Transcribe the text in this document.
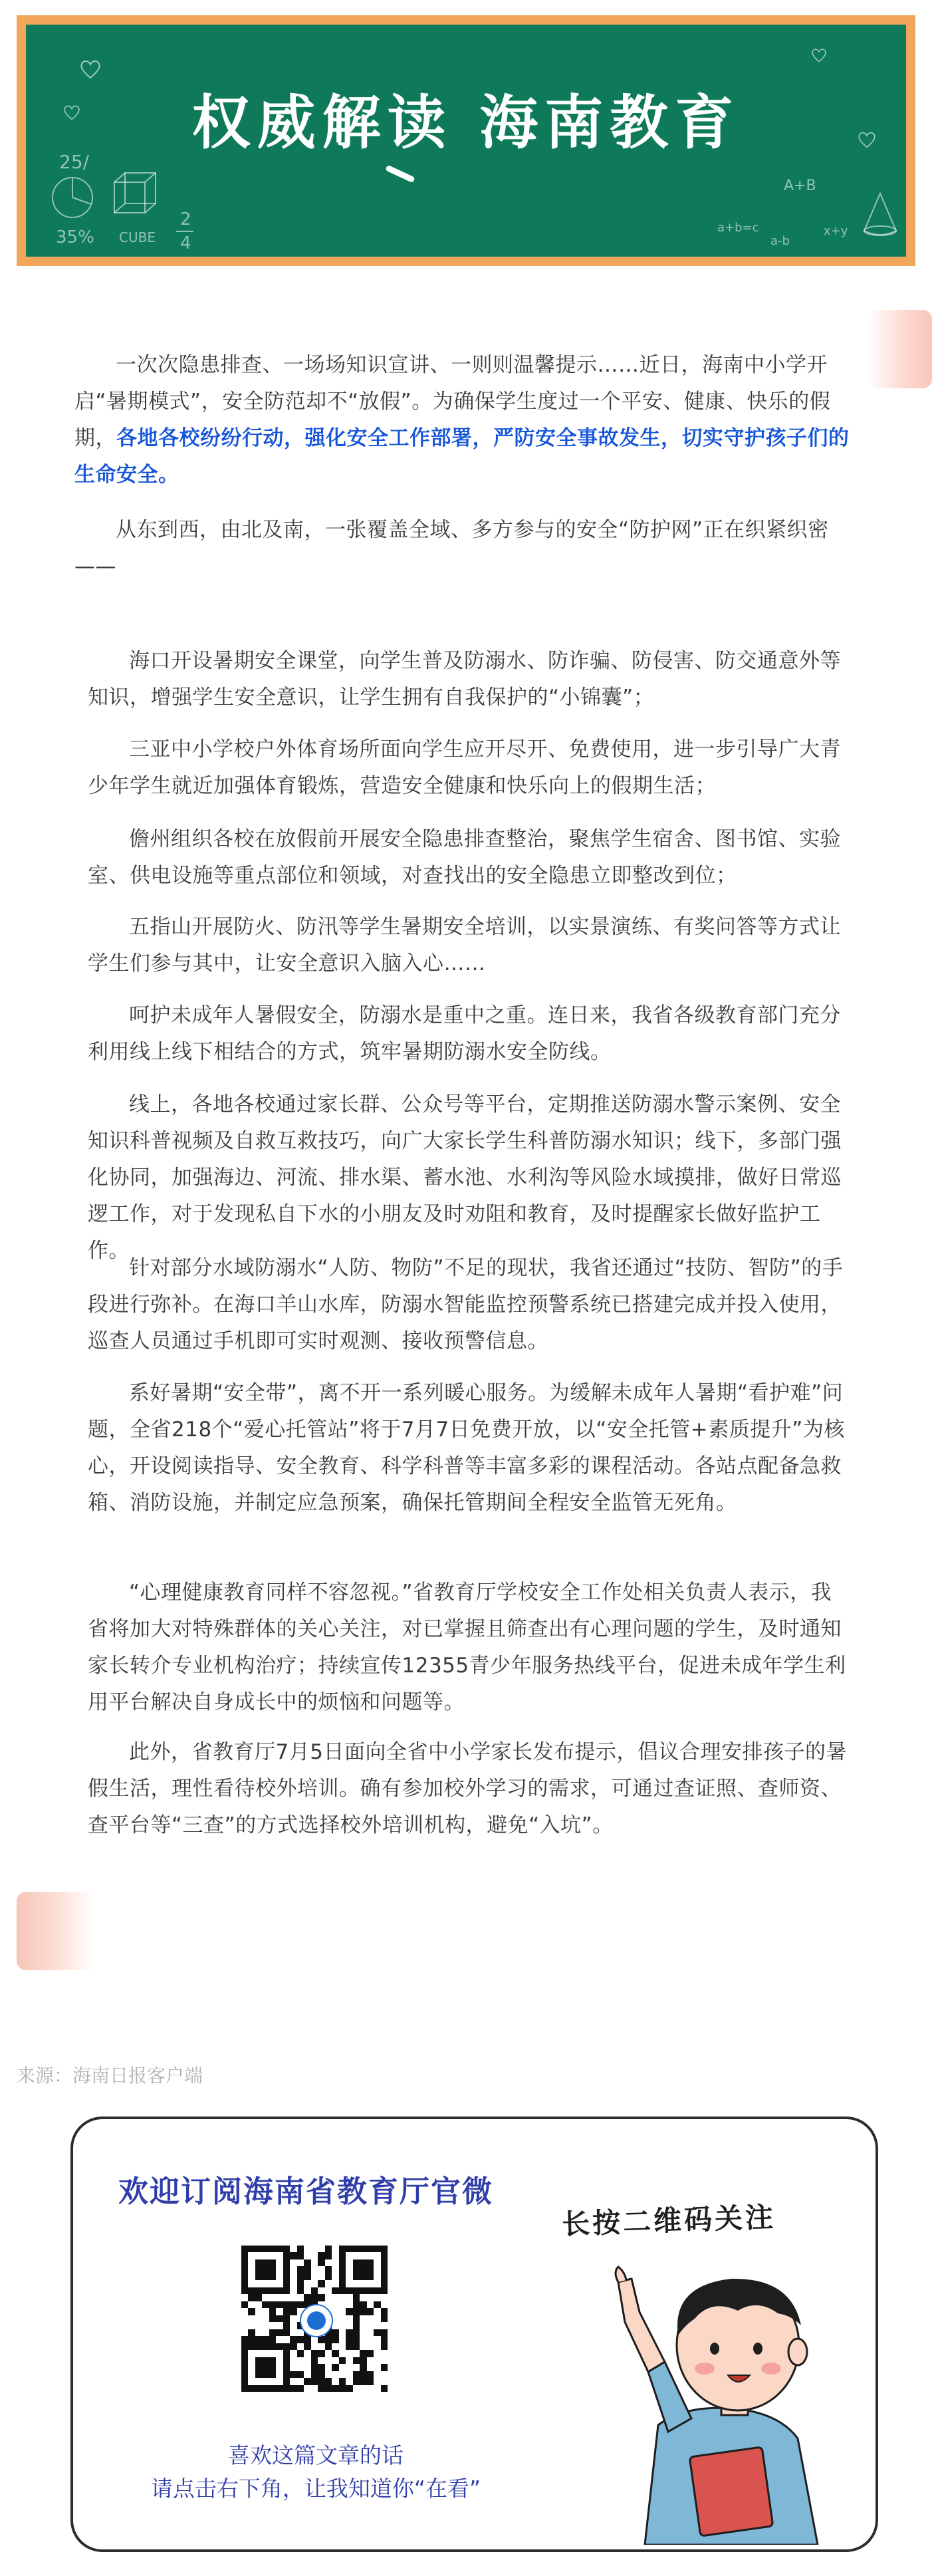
25/
35% CUBE
2
4
权威解读 海南教育
A+B
a+b=c
a-b
x+y

一次次隐患排查、一场场知识宣讲、一则则温馨提示……近日，海南中小学开启“暑期模式”，安全防范却不“放假”。为确保学生度过一个平安、健康、快乐的假期，各地各校纷纷行动，强化安全工作部署，严防安全事故发生，切实守护孩子们的生命安全。

从东到西，由北及南，一张覆盖全域、多方参与的安全“防护网”正在织紧织密——

海口开设暑期安全课堂，向学生普及防溺水、防诈骗、防侵害、防交通意外等知识，增强学生安全意识，让学生拥有自我保护的“小锦囊”；

三亚中小学校户外体育场所面向学生应开尽开、免费使用，进一步引导广大青少年学生就近加强体育锻炼，营造安全健康和快乐向上的假期生活；

儋州组织各校在放假前开展安全隐患排查整治，聚焦学生宿舍、图书馆、实验室、供电设施等重点部位和领域，对查找出的安全隐患立即整改到位；

五指山开展防火、防汛等学生暑期安全培训，以实景演练、有奖问答等方式让学生们参与其中，让安全意识入脑入心……

呵护未成年人暑假安全，防溺水是重中之重。连日来，我省各级教育部门充分利用线上线下相结合的方式，筑牢暑期防溺水安全防线。

线上，各地各校通过家长群、公众号等平台，定期推送防溺水警示案例、安全知识科普视频及自救互救技巧，向广大家长学生科普防溺水知识；线下，多部门强化协同，加强海边、河流、排水渠、蓄水池、水利沟等风险水域摸排，做好日常巡逻工作，对于发现私自下水的小朋友及时劝阻和教育，及时提醒家长做好监护工作。

针对部分水域防溺水“人防、物防”不足的现状，我省还通过“技防、智防”的手段进行弥补。在海口羊山水库，防溺水智能监控预警系统已搭建完成并投入使用，巡查人员通过手机即可实时观测、接收预警信息。

系好暑期“安全带”，离不开一系列暖心服务。为缓解未成年人暑期“看护难”问题，全省218个“爱心托管站”将于7月7日免费开放，以“安全托管+素质提升”为核心，开设阅读指导、安全教育、科学科普等丰富多彩的课程活动。各站点配备急救箱、消防设施，并制定应急预案，确保托管期间全程安全监管无死角。

“心理健康教育同样不容忽视。”省教育厅学校安全工作处相关负责人表示，我省将加大对特殊群体的关心关注，对已掌握且筛查出有心理问题的学生，及时通知家长转介专业机构治疗；持续宣传12355青少年服务热线平台，促进未成年学生利用平台解决自身成长中的烦恼和问题等。

此外，省教育厅7月5日面向全省中小学家长发布提示，倡议合理安排孩子的暑假生活，理性看待校外培训。确有参加校外学习的需求，可通过查证照、查师资、查平台等“三查”的方式选择校外培训机构，避免“入坑”。

来源：海南日报客户端
欢迎订阅海南省教育厅官微
喜欢这篇文章的话
请点击右下角，让我知道你“在看”
长按二维码关注
